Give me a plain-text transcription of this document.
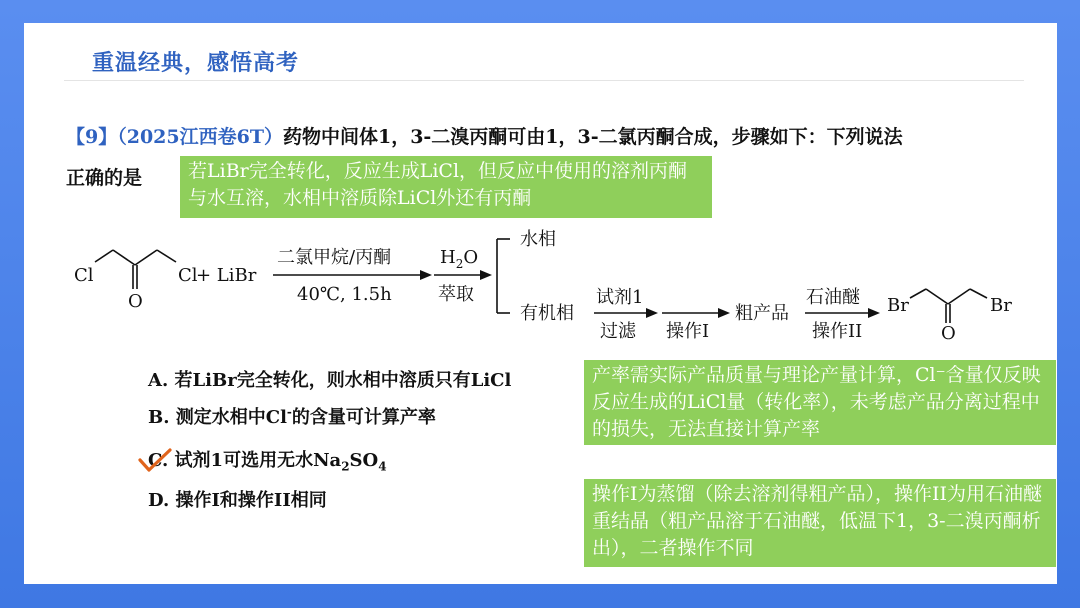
重温经典，感悟高考
【9】（2025江西卷6T）药物中间体1，3-二溴丙酮可由1，3-二氯丙酮合成，步骤如下：下列说法
正确的是
Cl	Cl
O
+ LiBr
二氯甲烷/丙酮
40℃, 1.5h
$H_2O$
萃取
水相
有机相
试剂1
过滤 操作I
粗产品
石油醚
操作II
Br	Br
O
A. 若LiBr完全转化，则水相中溶质只有LiCl
B. 测定水相中Cl-的含量可计算产率
C. 试剂1可选用无水$Na_2SO_4$
D. 操作I和操作II相同
若LiBr完全转化，反应生成LiCl，但反应中使用的溶剂丙酮与水互溶，水相中溶质除LiCl外还有丙酮
产率需实际产品质量与理论产量计算，Cl⁻含量仅反映反应生成的LiCl量（转化率），未考虑产品分离过程中的损失，无法直接计算产率
操作I为蒸馏（除去溶剂得粗产品），操作II为用石油醚重结晶（粗产品溶于石油醚，低温下1，3-二溴丙酮析出），二者操作不同
